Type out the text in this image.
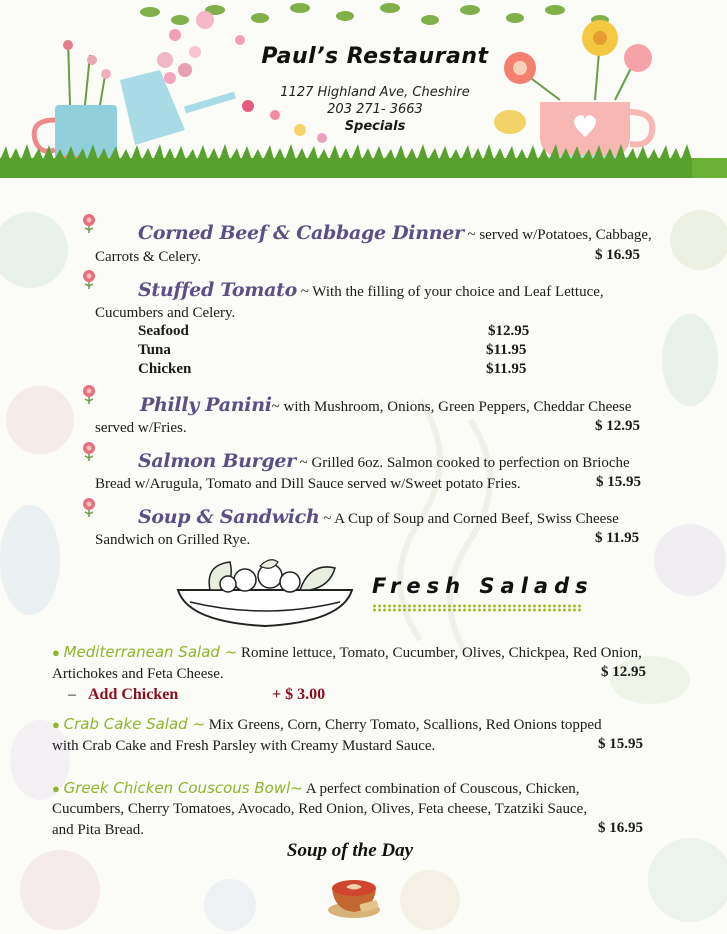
Paul’s Restaurant
1127 Highland Ave, Cheshire
203 271- 3663
Specials
Corned Beef & Cabbage Dinner ~ served w/Potatoes, Cabbage,
Carrots & Celery.	$ 16.95
Stuffed Tomato ~ With the filling of your choice and Leaf Lettuce,
Cucumbers and Celery.
Seafood	$12.95
Tuna	$11.95
Chicken	$11.95
Philly Panini~ with Mushroom, Onions, Green Peppers, Cheddar Cheese
served w/Fries.	$ 12.95
Salmon Burger ~ Grilled 6oz. Salmon cooked to perfection on Brioche
Bread w/Arugula, Tomato and Dill Sauce served w/Sweet potato Fries.	$ 15.95
Soup & Sandwich ~ A Cup of Soup and Corned Beef, Swiss Cheese
Sandwich on Grilled Rye.	$ 11.95
Fresh Salads
● Mediterranean Salad ~ Romine lettuce, Tomato, Cucumber, Olives, Chickpea, Red Onion,
Artichokes and Feta Cheese.	$ 12.95
– Add Chicken	+ $ 3.00
● Crab Cake Salad ~ Mix Greens, Corn, Cherry Tomato, Scallions, Red Onions topped
with Crab Cake and Fresh Parsley with Creamy Mustard Sauce.	$ 15.95
● Greek Chicken Couscous Bowl~ A perfect combination of Couscous, Chicken,
Cucumbers, Cherry Tomatoes, Avocado, Red Onion, Olives, Feta cheese, Tzatziki Sauce,
and Pita Bread.	$ 16.95
Soup of the Day
